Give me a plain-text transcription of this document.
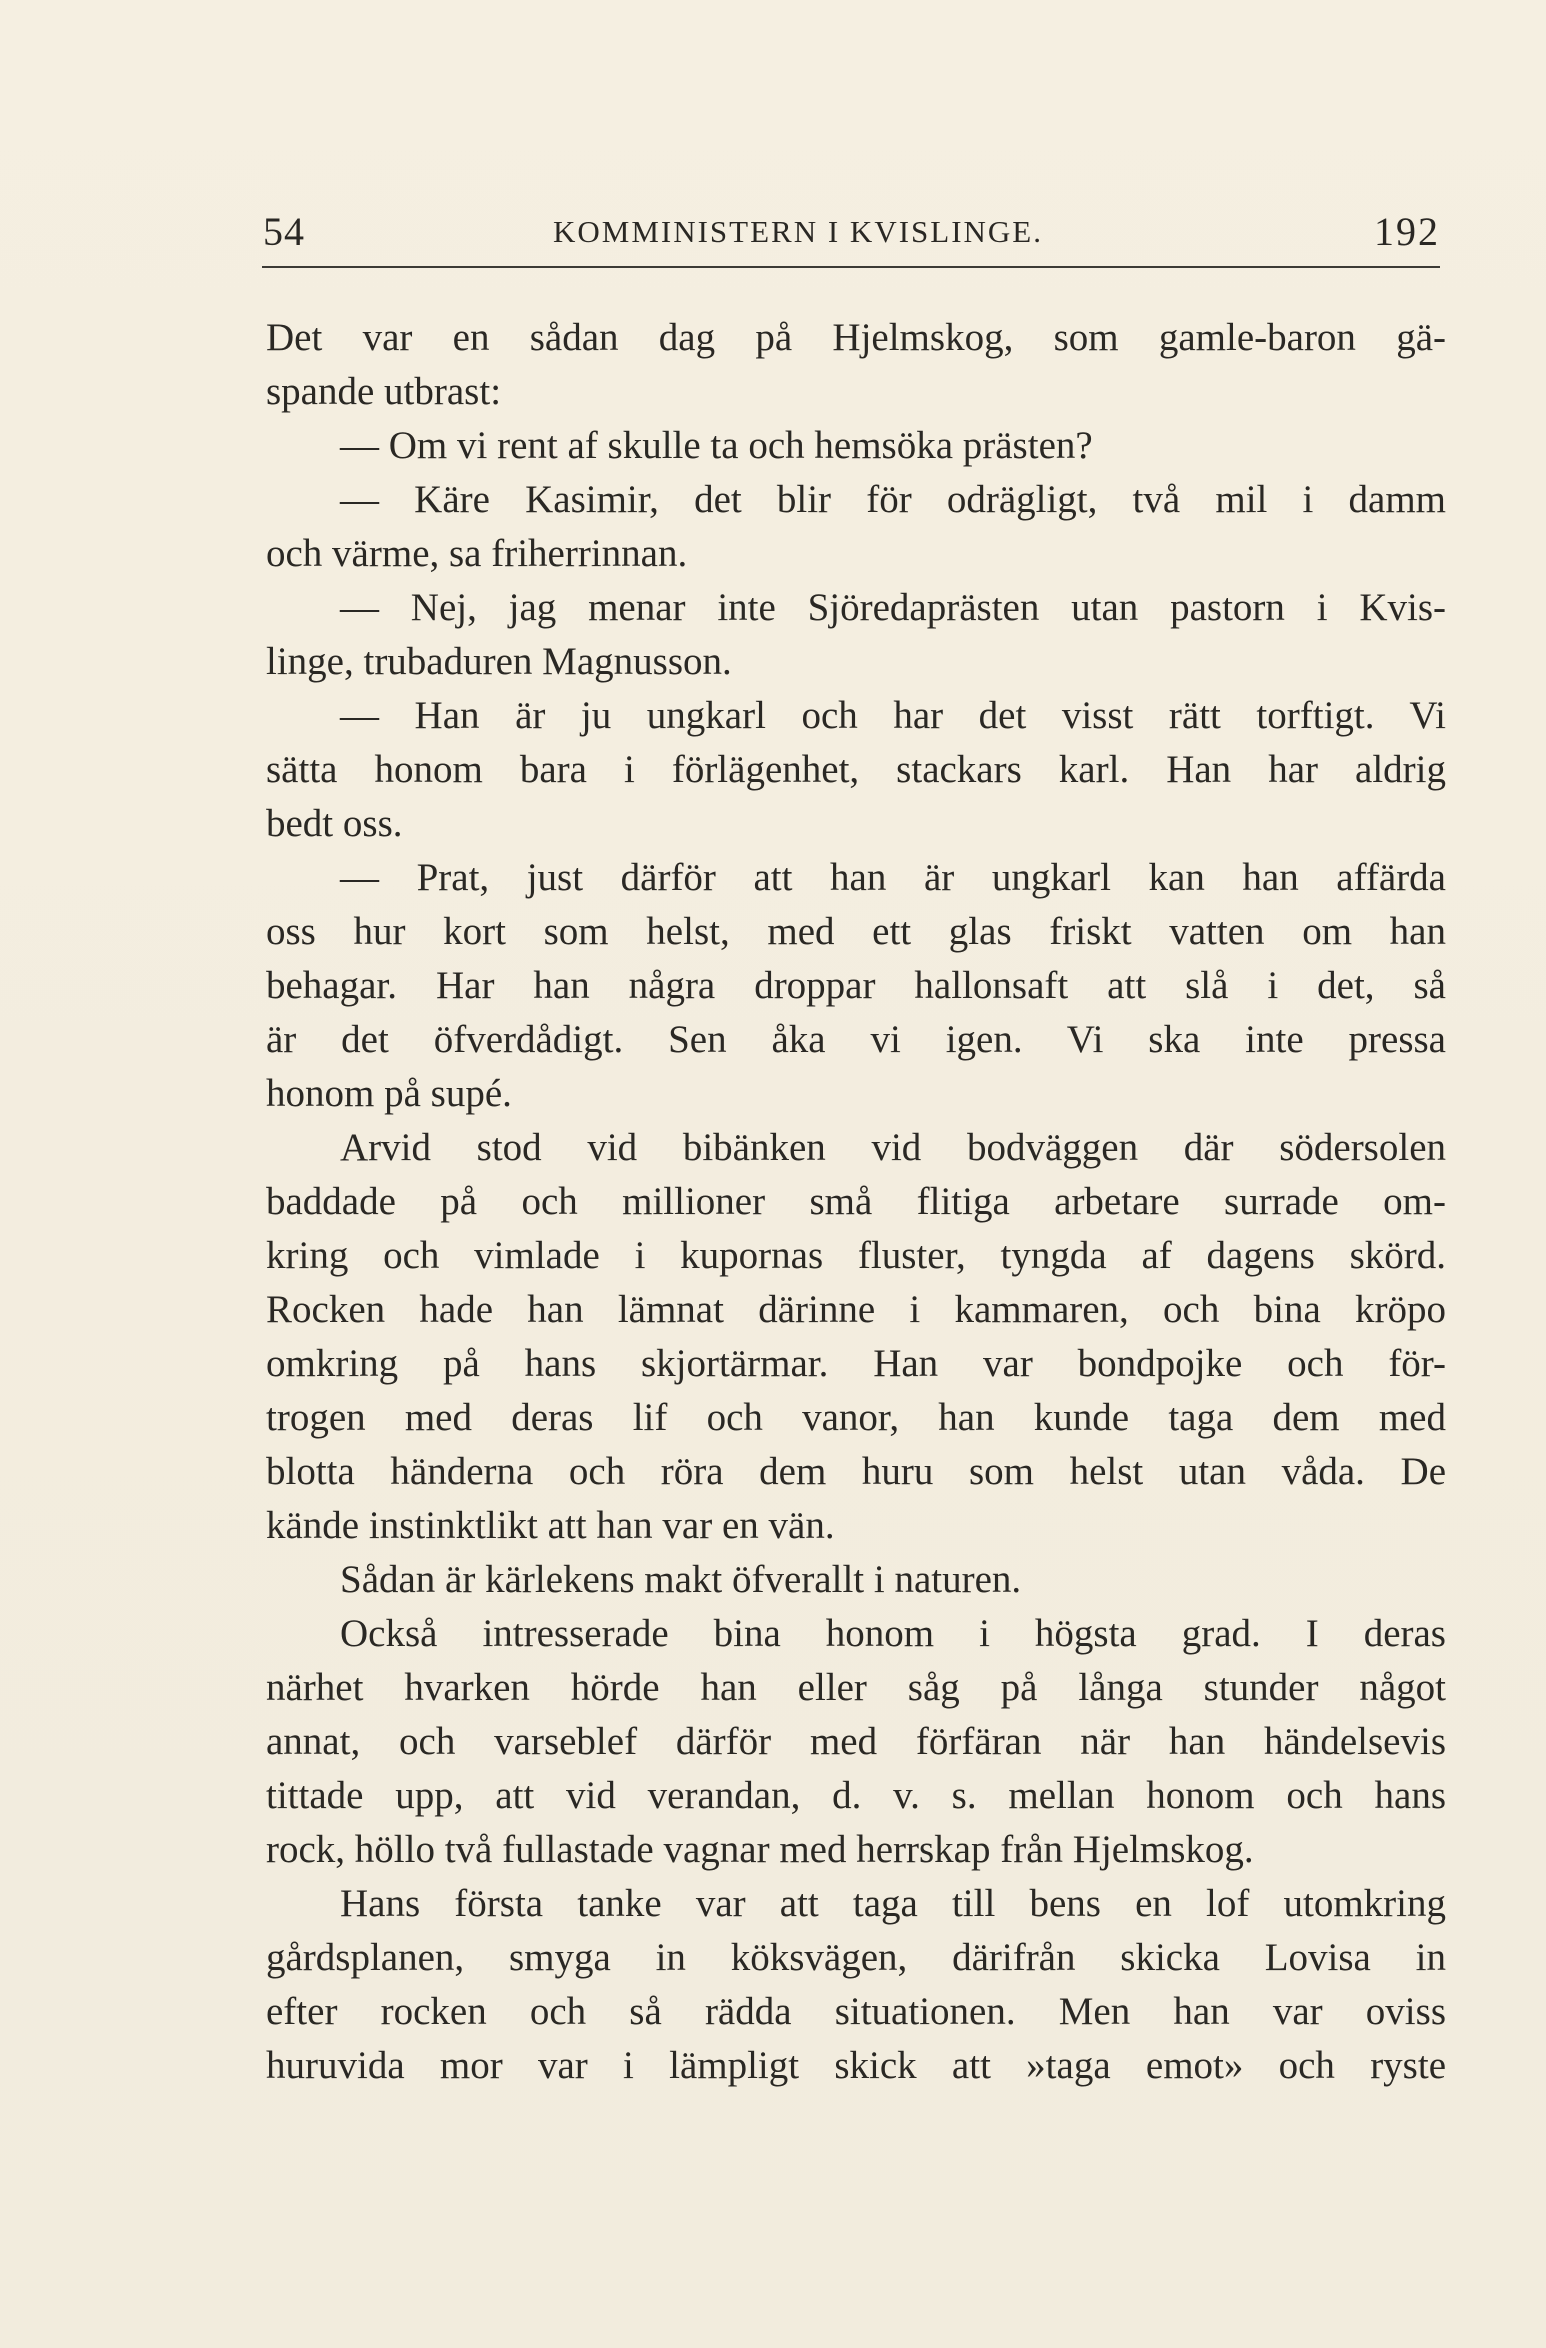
54	KOMMINISTERN I KVISLINGE.	192
Det var en sådan dag på Hjelmskog, som gamle-baron gä-
spande utbrast:
— Om vi rent af skulle ta och hemsöka prästen?
— Käre Kasimir, det blir för odrägligt, två mil i damm
och värme, sa friherrinnan.
— Nej, jag menar inte Sjöredaprästen utan pastorn i Kvis-
linge, trubaduren Magnusson.
— Han är ju ungkarl och har det visst rätt torftigt. Vi
sätta honom bara i förlägenhet, stackars karl. Han har aldrig
bedt oss.
— Prat, just därför att han är ungkarl kan han affärda
oss hur kort som helst, med ett glas friskt vatten om han
behagar. Har han några droppar hallonsaft att slå i det, så
är det öfverdådigt. Sen åka vi igen. Vi ska inte pressa
honom på supé.
Arvid stod vid bibänken vid bodväggen där södersolen
baddade på och millioner små flitiga arbetare surrade om-
kring och vimlade i kupornas fluster, tyngda af dagens skörd.
Rocken hade han lämnat därinne i kammaren, och bina kröpo
omkring på hans skjortärmar. Han var bondpojke och för-
trogen med deras lif och vanor, han kunde taga dem med
blotta händerna och röra dem huru som helst utan våda. De
kände instinktlikt att han var en vän.
Sådan är kärlekens makt öfverallt i naturen.
Också intresserade bina honom i högsta grad. I deras
närhet hvarken hörde han eller såg på långa stunder något
annat, och varseblef därför med förfäran när han händelsevis
tittade upp, att vid verandan, d. v. s. mellan honom och hans
rock, höllo två fullastade vagnar med herrskap från Hjelmskog.
Hans första tanke var att taga till bens en lof utomkring
gårdsplanen, smyga in köksvägen, därifrån skicka Lovisa in
efter rocken och så rädda situationen. Men han var oviss
huruvida mor var i lämpligt skick att »taga emot» och ryste
